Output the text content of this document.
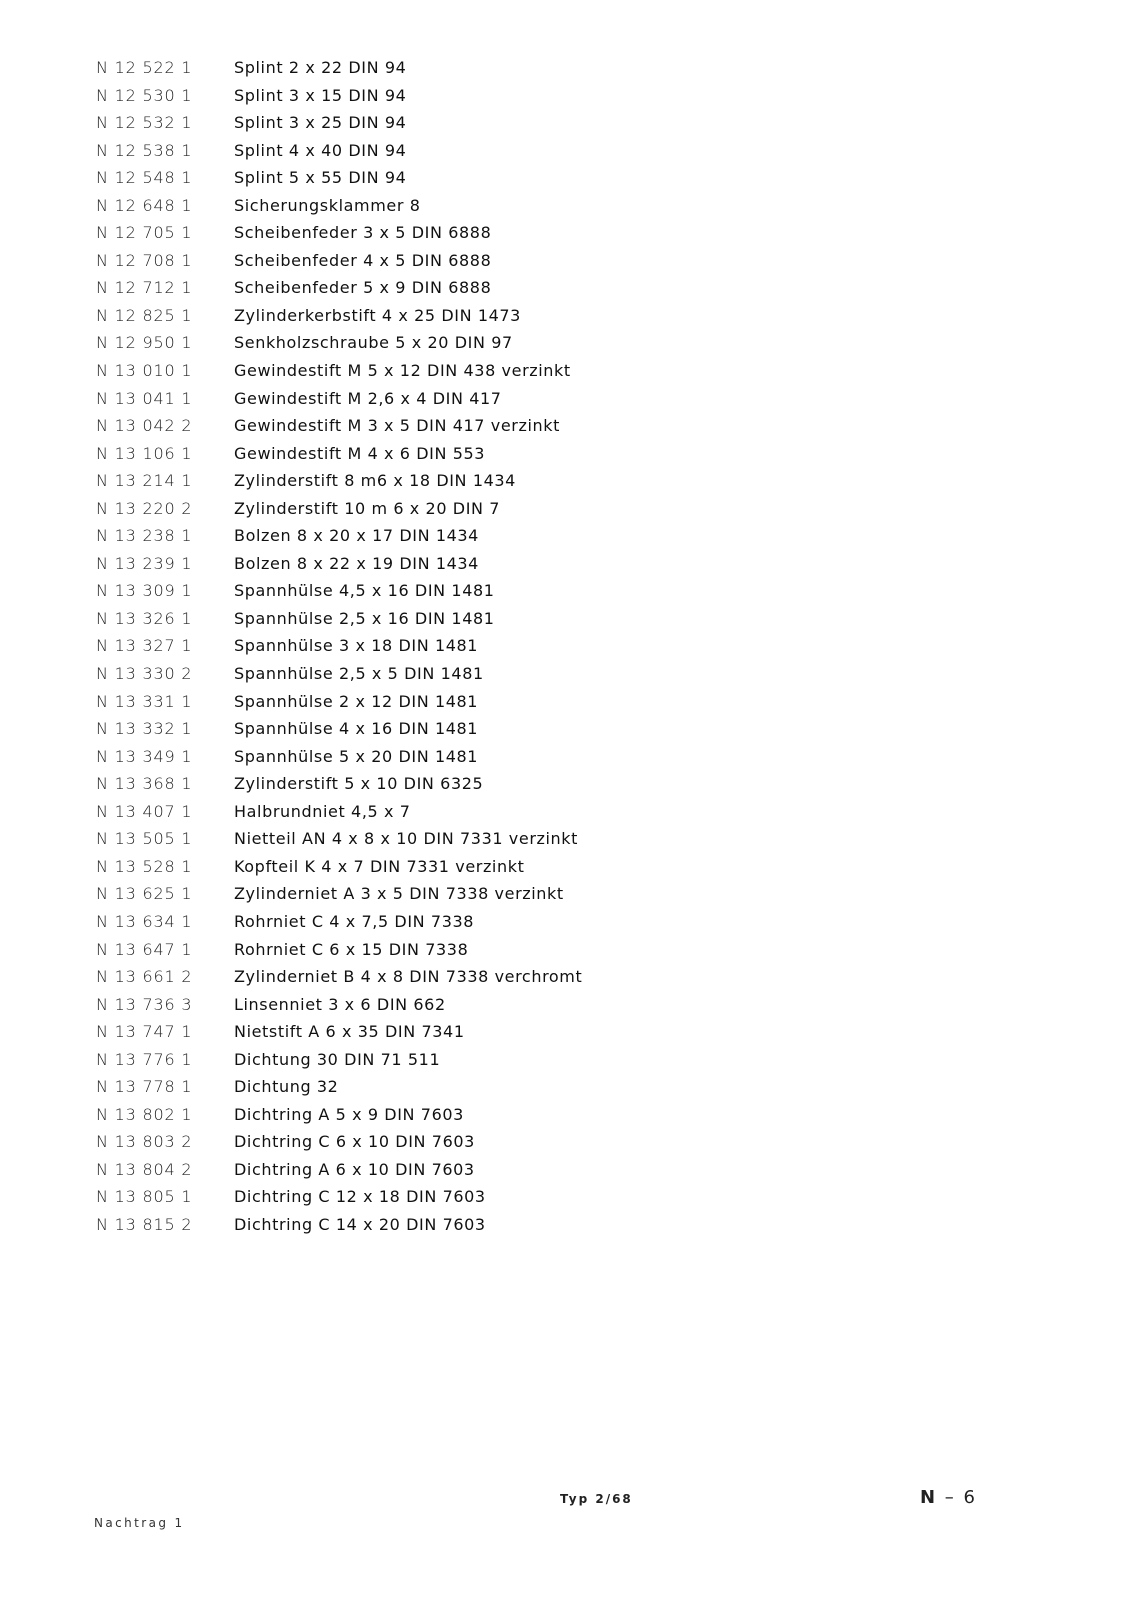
N 12 522 1	Splint 2 x 22 DIN 94
N 12 530 1	Splint 3 x 15 DIN 94
N 12 532 1	Splint 3 x 25 DIN 94
N 12 538 1	Splint 4 x 40 DIN 94
N 12 548 1	Splint 5 x 55 DIN 94
N 12 648 1	Sicherungsklammer 8
N 12 705 1	Scheibenfeder 3 x 5 DIN 6888
N 12 708 1	Scheibenfeder 4 x 5 DIN 6888
N 12 712 1	Scheibenfeder 5 x 9 DIN 6888
N 12 825 1	Zylinderkerbstift 4 x 25 DIN 1473
N 12 950 1	Senkholzschraube 5 x 20 DIN 97
N 13 010 1	Gewindestift M 5 x 12 DIN 438 verzinkt
N 13 041 1	Gewindestift M 2,6 x 4 DIN 417
N 13 042 2	Gewindestift M 3 x 5 DIN 417 verzinkt
N 13 106 1	Gewindestift M 4 x 6 DIN 553
N 13 214 1	Zylinderstift 8 m6 x 18 DIN 1434
N 13 220 2	Zylinderstift 10 m 6 x 20 DIN 7
N 13 238 1	Bolzen 8 x 20 x 17 DIN 1434
N 13 239 1	Bolzen 8 x 22 x 19 DIN 1434
N 13 309 1	Spannhülse 4,5 x 16 DIN 1481
N 13 326 1	Spannhülse 2,5 x 16 DIN 1481
N 13 327 1	Spannhülse 3 x 18 DIN 1481
N 13 330 2	Spannhülse 2,5 x 5 DIN 1481
N 13 331 1	Spannhülse 2 x 12 DIN 1481
N 13 332 1	Spannhülse 4 x 16 DIN 1481
N 13 349 1	Spannhülse 5 x 20 DIN 1481
N 13 368 1	Zylinderstift 5 x 10 DIN 6325
N 13 407 1	Halbrundniet 4,5 x 7
N 13 505 1	Nietteil AN 4 x 8 x 10 DIN 7331 verzinkt
N 13 528 1	Kopfteil K 4 x 7 DIN 7331 verzinkt
N 13 625 1	Zylinderniet A 3 x 5 DIN 7338 verzinkt
N 13 634 1	Rohrniet C 4 x 7,5 DIN 7338
N 13 647 1	Rohrniet C 6 x 15 DIN 7338
N 13 661 2	Zylinderniet B 4 x 8 DIN 7338 verchromt
N 13 736 3	Linsenniet 3 x 6 DIN 662
N 13 747 1	Nietstift A 6 x 35 DIN 7341
N 13 776 1	Dichtung 30 DIN 71 511
N 13 778 1	Dichtung 32
N 13 802 1	Dichtring A 5 x 9 DIN 7603
N 13 803 2	Dichtring C 6 x 10 DIN 7603
N 13 804 2	Dichtring A 6 x 10 DIN 7603
N 13 805 1	Dichtring C 12 x 18 DIN 7603
N 13 815 2	Dichtring C 14 x 20 DIN 7603
Typ 2/68	N – 6
Nachtrag 1
